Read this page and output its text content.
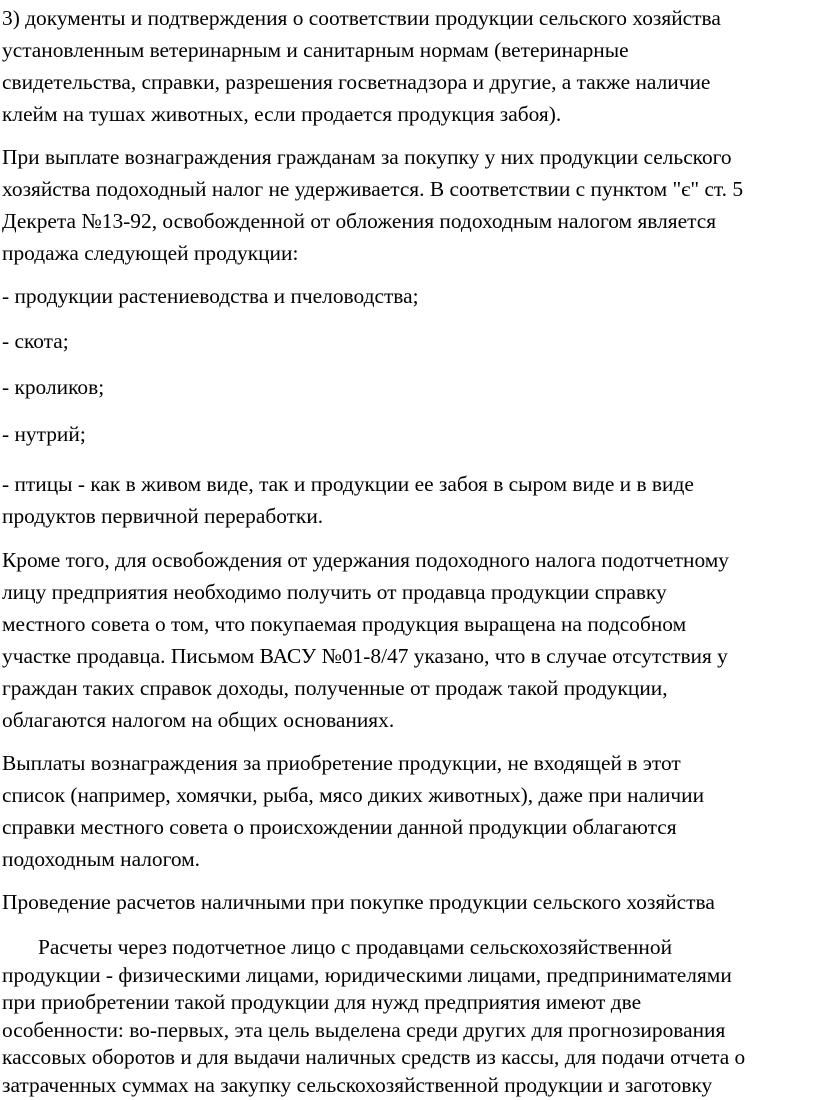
3) документы и подтверждения о соответствии продукции сельского хозяйства
установленным ветеринарным и санитарным нормам (ветеринарные
свидетельства, справки, разрешения госветнадзора и другие, а также наличие
клейм на тушах животных, если продается продукция забоя).
При выплате вознаграждения гражданам за покупку у них продукции сельского
хозяйства подоходный налог не удерживается. В соответствии с пунктом "є" ст. 5
Декрета №13-92, освобожденной от обложения подоходным налогом является
продажа следующей продукции:
- продукции растениеводства и пчеловодства;
- скота;
- кроликов;
- нутрий;
- птицы - как в живом виде, так и продукции ее забоя в сыром виде и в виде
продуктов первичной переработки.
Кроме того, для освобождения от удержания подоходного налога подотчетному
лицу предприятия необходимо получить от продавца продукции справку
местного совета о том, что покупаемая продукция выращена на подсобном
участке продавца. Письмом ВАСУ №01-8/47 указано, что в случае отсутствия у
граждан таких справок доходы, полученные от продаж такой продукции,
облагаются налогом на общих основаниях.
Выплаты вознаграждения за приобретение продукции, не входящей в этот
список (например, хомячки, рыба, мясо диких животных), даже при наличии
справки местного совета о происхождении данной продукции облагаются
подоходным налогом.
Проведение расчетов наличными при покупке продукции сельского хозяйства
Расчеты через подотчетное лицо с продавцами сельскохозяйственной
продукции - физическими лицами, юридическими лицами, предпринимателями
при приобретении такой продукции для нужд предприятия имеют две
особенности: во-первых, эта цель выделена среди других для прогнозирования
кассовых оборотов и для выдачи наличных средств из кассы, для подачи отчета о
затраченных суммах на закупку сельскохозяйственной продукции и заготовку
